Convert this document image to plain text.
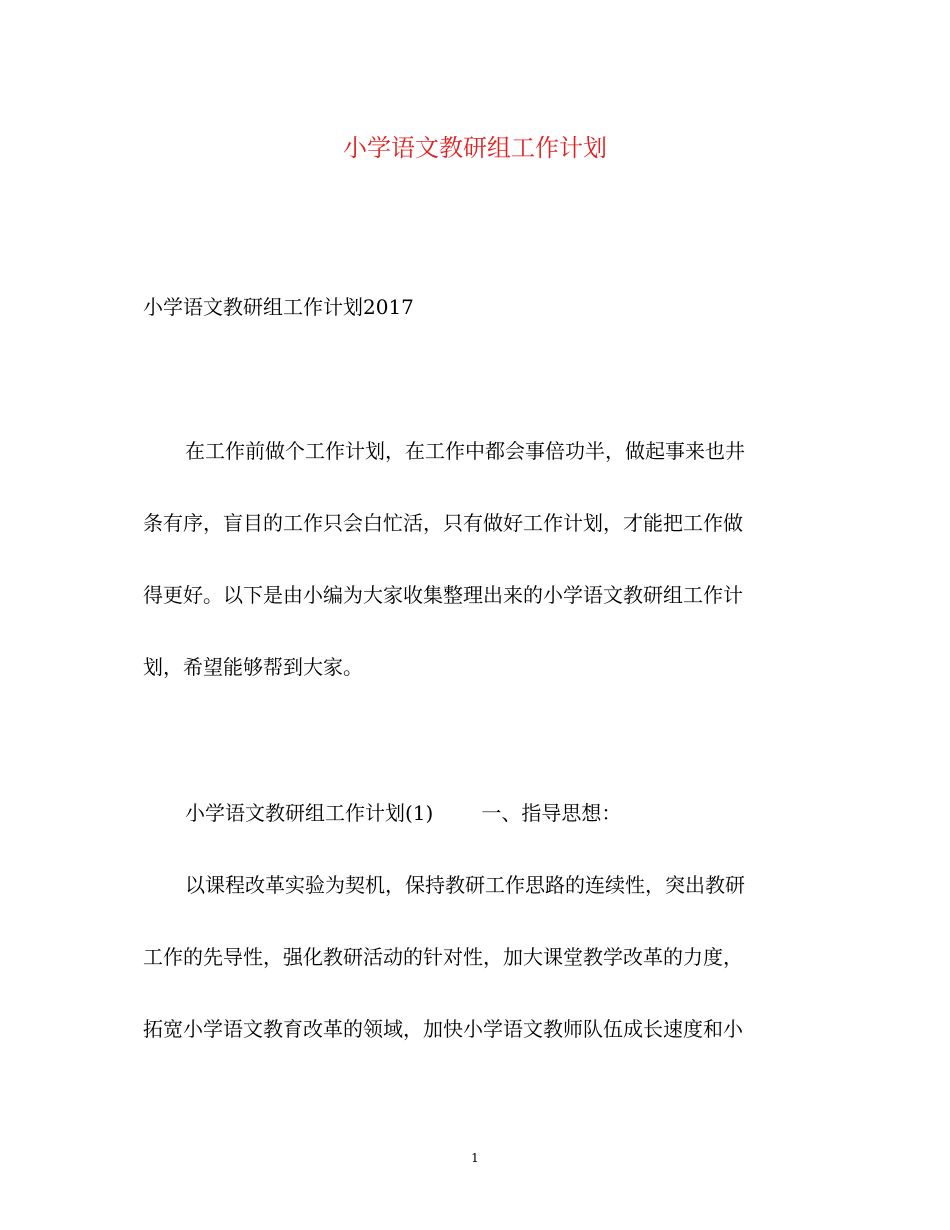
小学语文教研组工作计划
小学语文教研组工作计划2017
在工作前做个工作计划，在工作中都会事倍功半，做起事来也井
条有序，盲目的工作只会白忙活，只有做好工作计划，才能把工作做
得更好。以下是由小编为大家收集整理出来的小学语文教研组工作计
划，希望能够帮到大家。
小学语文教研组工作计划(1) 一、指导思想：
以课程改革实验为契机，保持教研工作思路的连续性，突出教研
工作的先导性，强化教研活动的针对性，加大课堂教学改革的力度，
拓宽小学语文教育改革的领域，加快小学语文教师队伍成长速度和小
1
